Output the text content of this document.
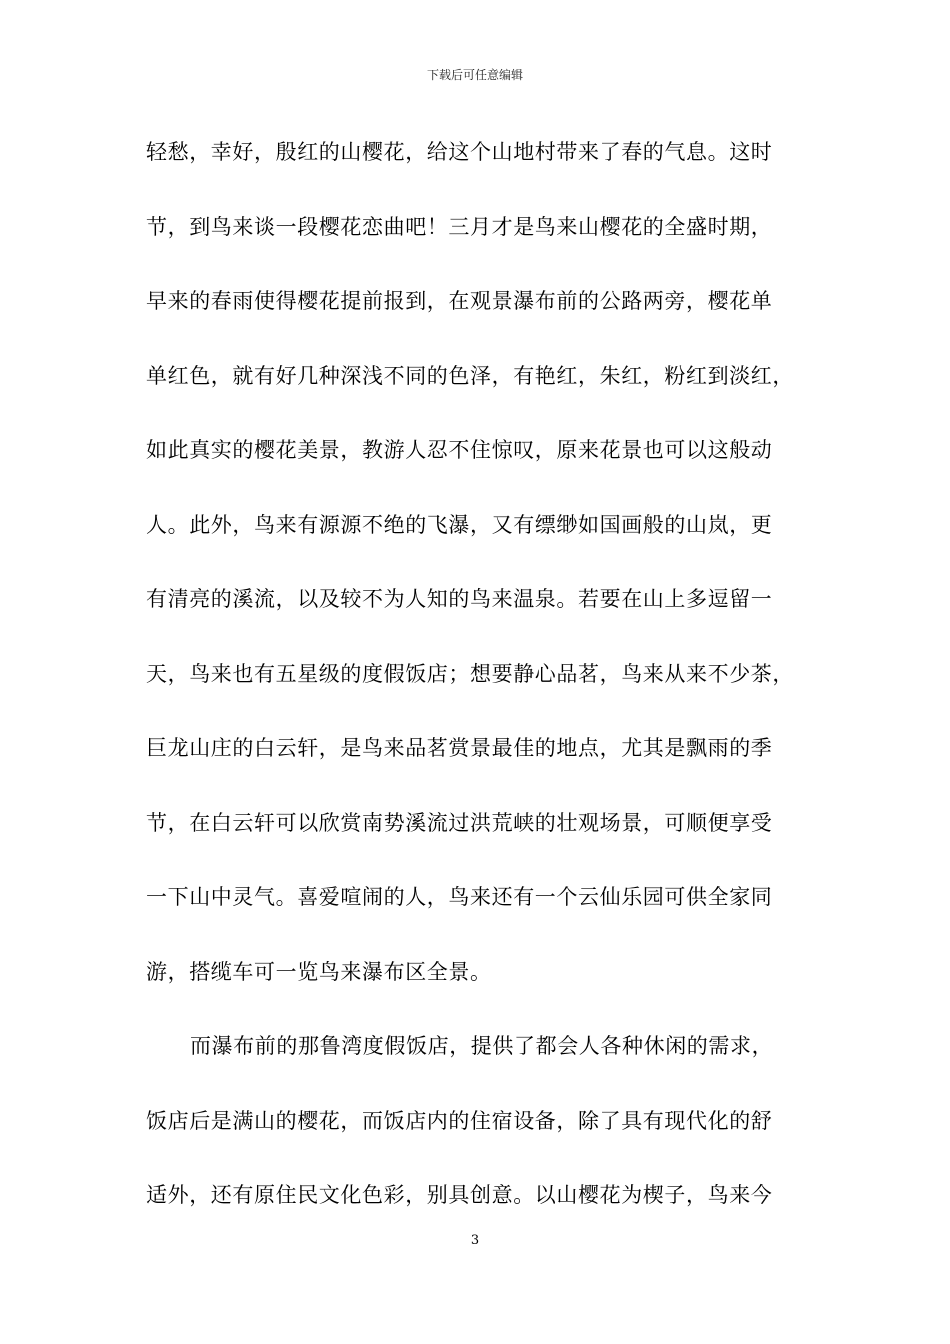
下载后可任意编辑
轻愁，幸好，殷红的山樱花，给这个山地村带来了春的气息。这时
节，到鸟来谈一段樱花恋曲吧！三月才是鸟来山樱花的全盛时期，
早来的春雨使得樱花提前报到，在观景瀑布前的公路两旁，樱花单
单红色，就有好几种深浅不同的色泽，有艳红，朱红，粉红到淡红，
如此真实的樱花美景，教游人忍不住惊叹，原来花景也可以这般动
人。此外，鸟来有源源不绝的飞瀑，又有缥缈如国画般的山岚，更
有清亮的溪流，以及较不为人知的鸟来温泉。若要在山上多逗留一
天，鸟来也有五星级的度假饭店；想要静心品茗，鸟来从来不少茶，
巨龙山庄的白云轩，是鸟来品茗赏景最佳的地点，尤其是飘雨的季
节，在白云轩可以欣赏南势溪流过洪荒峡的壮观场景，可顺便享受
一下山中灵气。喜爱喧闹的人，鸟来还有一个云仙乐园可供全家同
游，搭缆车可一览鸟来瀑布区全景。
而瀑布前的那鲁湾度假饭店，提供了都会人各种休闲的需求，
饭店后是满山的樱花，而饭店内的住宿设备，除了具有现代化的舒
适外，还有原住民文化色彩，别具创意。以山樱花为楔子，鸟来今
3
